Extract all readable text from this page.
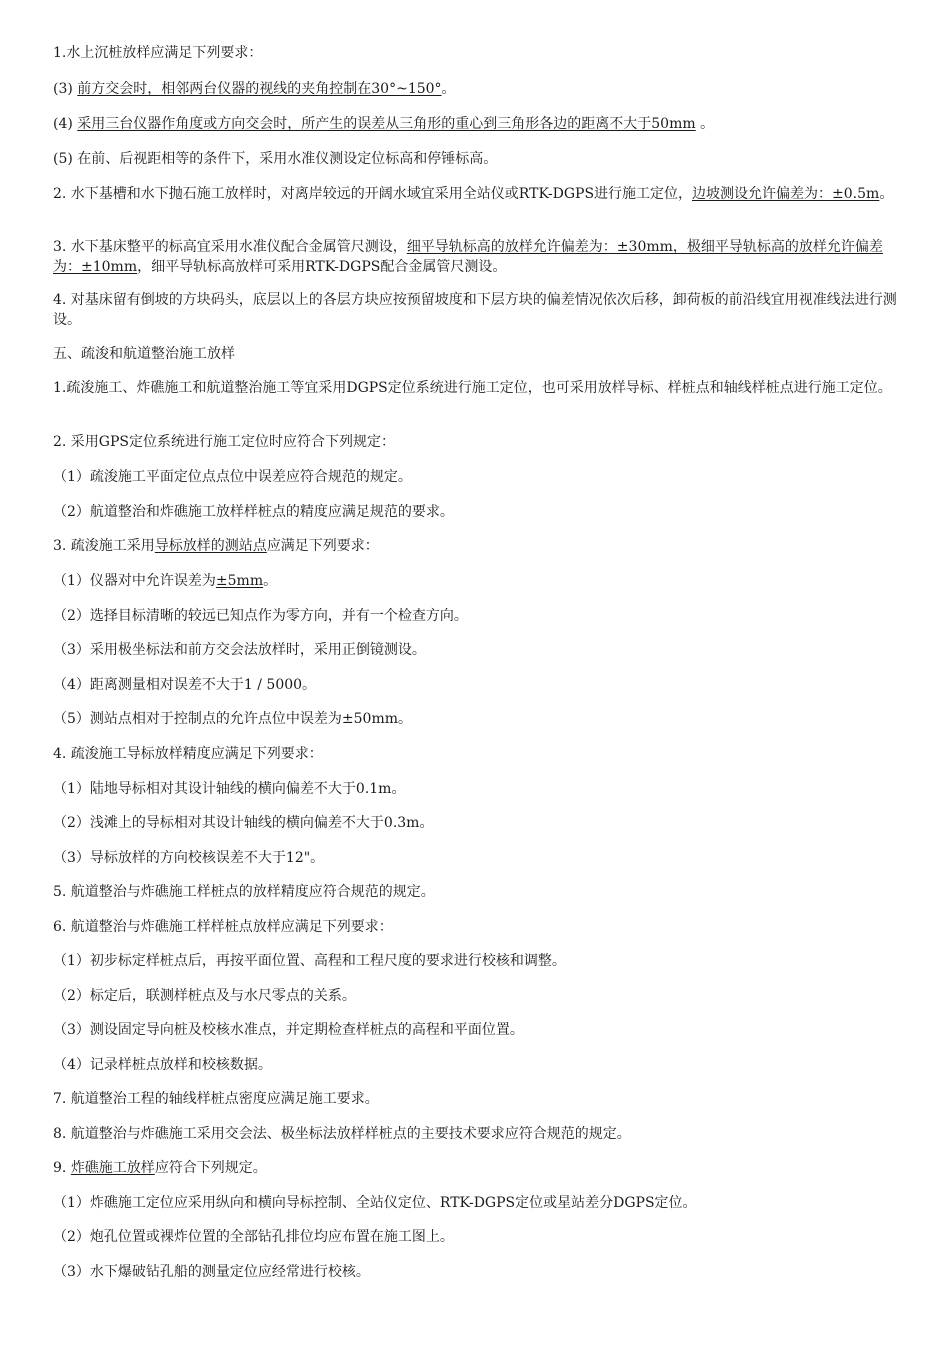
1.水上沉桩放样应满足下列要求：
(3) 前方交会时，相邻两台仪器的视线的夹角控制在30°~150°。
(4) 采用三台仪器作角度或方向交会时，所产生的误差从三角形的重心到三角形各边的距离不大于50mm 。
(5) 在前、后视距相等的条件下，采用水准仪测设定位标高和停锤标高。
2. 水下基槽和水下抛石施工放样时，对离岸较远的开阔水域宜采用全站仪或RTK-DGPS进行施工定位，边坡测设允许偏差为：±0.5m。
3. 水下基床整平的标高宜采用水准仪配合金属管尺测设，细平导轨标高的放样允许偏差为：±30mm，极细平导轨标高的放样允许偏差为：±10mm，细平导轨标高放样可采用RTK-DGPS配合金属管尺测设。
4. 对基床留有倒坡的方块码头，底层以上的各层方块应按预留坡度和下层方块的偏差情况依次后移，卸荷板的前沿线宜用视准线法进行测设。
五、疏浚和航道整治施工放样
1.疏浚施工、炸礁施工和航道整治施工等宜采用DGPS定位系统进行施工定位，也可采用放样导标、样桩点和轴线样桩点进行施工定位。
2. 采用GPS定位系统进行施工定位时应符合下列规定：
（1）疏浚施工平面定位点点位中误差应符合规范的规定。
（2）航道整治和炸礁施工放样样桩点的精度应满足规范的要求。
3. 疏浚施工采用导标放样的测站点应满足下列要求：
（1）仪器对中允许误差为±5mm。
（2）选择目标清晰的较远已知点作为零方向，并有一个检查方向。
（3）采用极坐标法和前方交会法放样时，采用正倒镜测设。
（4）距离测量相对误差不大于1 / 5000。
（5）测站点相对于控制点的允许点位中误差为±50mm。
4. 疏浚施工导标放样精度应满足下列要求：
（1）陆地导标相对其设计轴线的横向偏差不大于0.1m。
（2）浅滩上的导标相对其设计轴线的横向偏差不大于0.3m。
（3）导标放样的方向校核误差不大于12"。
5. 航道整治与炸礁施工样桩点的放样精度应符合规范的规定。
6. 航道整治与炸礁施工样样桩点放样应满足下列要求：
（1）初步标定样桩点后，再按平面位置、高程和工程尺度的要求进行校核和调整。
（2）标定后，联测样桩点及与水尺零点的关系。
（3）测设固定导向桩及校核水准点，并定期检查样桩点的高程和平面位置。
（4）记录样桩点放样和校核数据。
7. 航道整治工程的轴线样桩点密度应满足施工要求。
8. 航道整治与炸礁施工采用交会法、极坐标法放样样桩点的主要技术要求应符合规范的规定。
9. 炸礁施工放样应符合下列规定。
（1）炸礁施工定位应采用纵向和横向导标控制、全站仪定位、RTK-DGPS定位或星站差分DGPS定位。
（2）炮孔位置或裸炸位置的全部钻孔排位均应布置在施工图上。
（3）水下爆破钻孔船的测量定位应经常进行校核。
